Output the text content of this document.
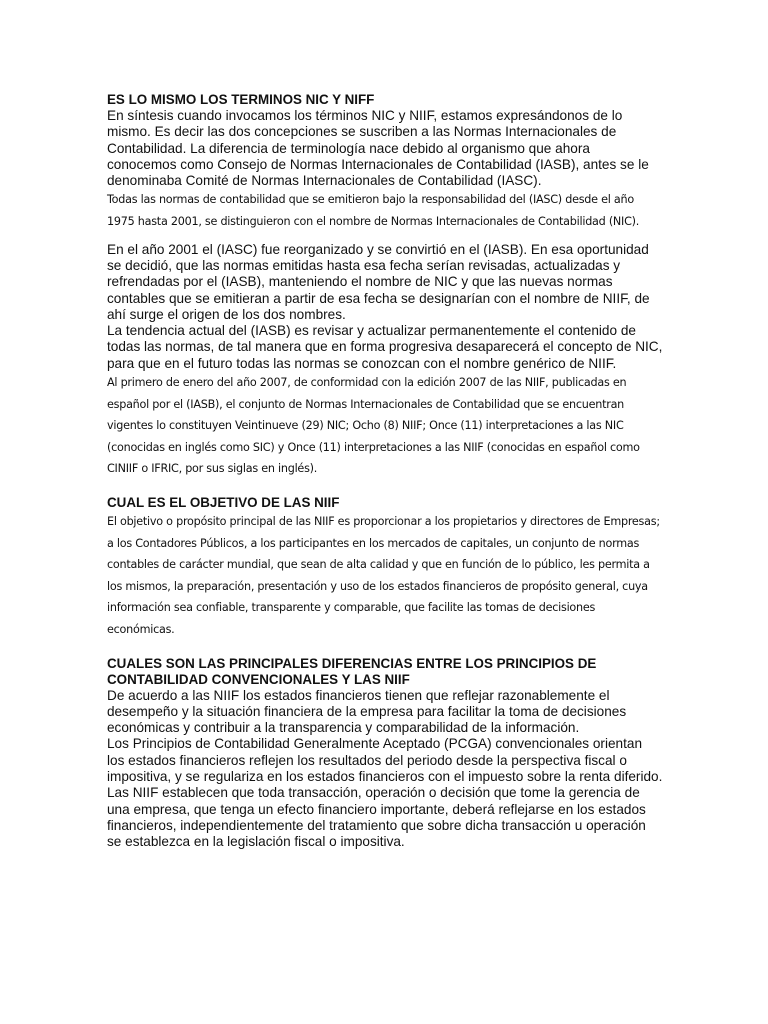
ES LO MISMO LOS TERMINOS NIC Y NIFF

En síntesis cuando invocamos los términos NIC y NIIF, estamos expresándonos de lo mismo. Es decir las dos concepciones se suscriben a las Normas Internacionales de Contabilidad. La diferencia de terminología nace debido al organismo que ahora conocemos como Consejo de Normas Internacionales de Contabilidad (IASB), antes se le denominaba Comité de Normas Internacionales de Contabilidad (IASC).

Todas las normas de contabilidad que se emitieron bajo la responsabilidad del (IASC) desde el año 1975 hasta 2001, se distinguieron con el nombre de Normas Internacionales de Contabilidad (NIC).

En el año 2001 el (IASC) fue reorganizado y se convirtió en el (IASB). En esa oportunidad se decidió, que las normas emitidas hasta esa fecha serían revisadas, actualizadas y refrendadas por el (IASB), manteniendo el nombre de NIC y que las nuevas normas contables que se emitieran a partir de esa fecha se designarían con el nombre de NIIF, de ahí surge el origen de los dos nombres.

La tendencia actual del (IASB) es revisar y actualizar permanentemente el contenido de todas las normas, de tal manera que en forma progresiva desaparecerá el concepto de NIC, para que en el futuro todas las normas se conozcan con el nombre genérico de NIIF.

Al primero de enero del año 2007, de conformidad con la edición 2007 de las NIIF, publicadas en español por el (IASB), el conjunto de Normas Internacionales de Contabilidad que se encuentran vigentes lo constituyen Veintinueve (29) NIC; Ocho (8) NIIF; Once (11) interpretaciones a las NIC (conocidas en inglés como SIC) y Once (11) interpretaciones a las NIIF (conocidas en español como CINIIF o IFRIC, por sus siglas en inglés).

CUAL ES EL OBJETIVO DE LAS NIIF

El objetivo o propósito principal de las NIIF es proporcionar a los propietarios y directores de Empresas; a los Contadores Públicos, a los participantes en los mercados de capitales, un conjunto de normas contables de carácter mundial, que sean de alta calidad y que en función de lo público, les permita a los mismos, la preparación, presentación y uso de los estados financieros de propósito general, cuya información sea confiable, transparente y comparable, que facilite las tomas de decisiones económicas.

CUALES SON LAS PRINCIPALES DIFERENCIAS ENTRE LOS PRINCIPIOS DE CONTABILIDAD CONVENCIONALES Y LAS NIIF

De acuerdo a las NIIF los estados financieros tienen que reflejar razonablemente el desempeño y la situación financiera de la empresa para facilitar la toma de decisiones económicas y contribuir a la transparencia y comparabilidad de la información.

Los Principios de Contabilidad Generalmente Aceptado (PCGA) convencionales orientan los estados financieros reflejen los resultados del periodo desde la perspectiva fiscal o impositiva, y se regulariza en los estados financieros con el impuesto sobre la renta diferido.

Las NIIF establecen que toda transacción, operación o decisión que tome la gerencia de una empresa, que tenga un efecto financiero importante, deberá reflejarse en los estados financieros, independientemente del tratamiento que sobre dicha transacción u operación se establezca en la legislación fiscal o impositiva.
